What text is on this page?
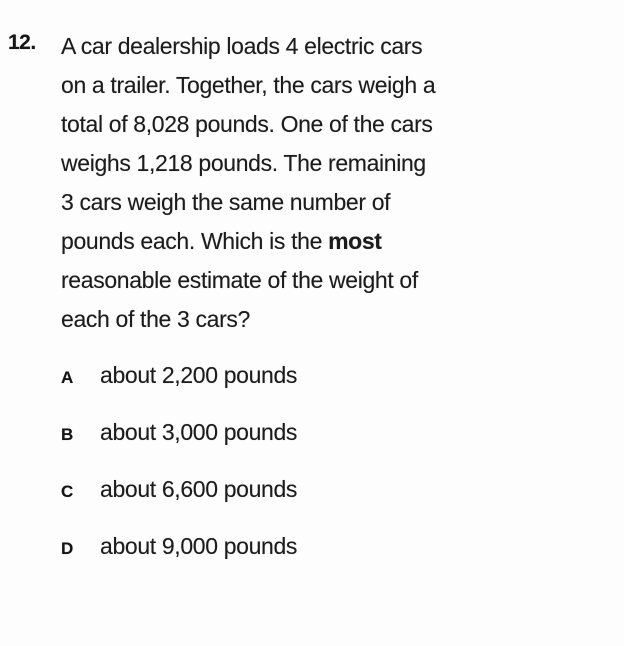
12. A car dealership loads 4 electric cars
on a trailer. Together, the cars weigh a
total of 8,028 pounds. One of the cars
weighs 1,218 pounds. The remaining
3 cars weigh the same number of
pounds each. Which is the most
reasonable estimate of the weight of
each of the 3 cars?
A	about 2,200 pounds
B	about 3,000 pounds
C	about 6,600 pounds
D	about 9,000 pounds
